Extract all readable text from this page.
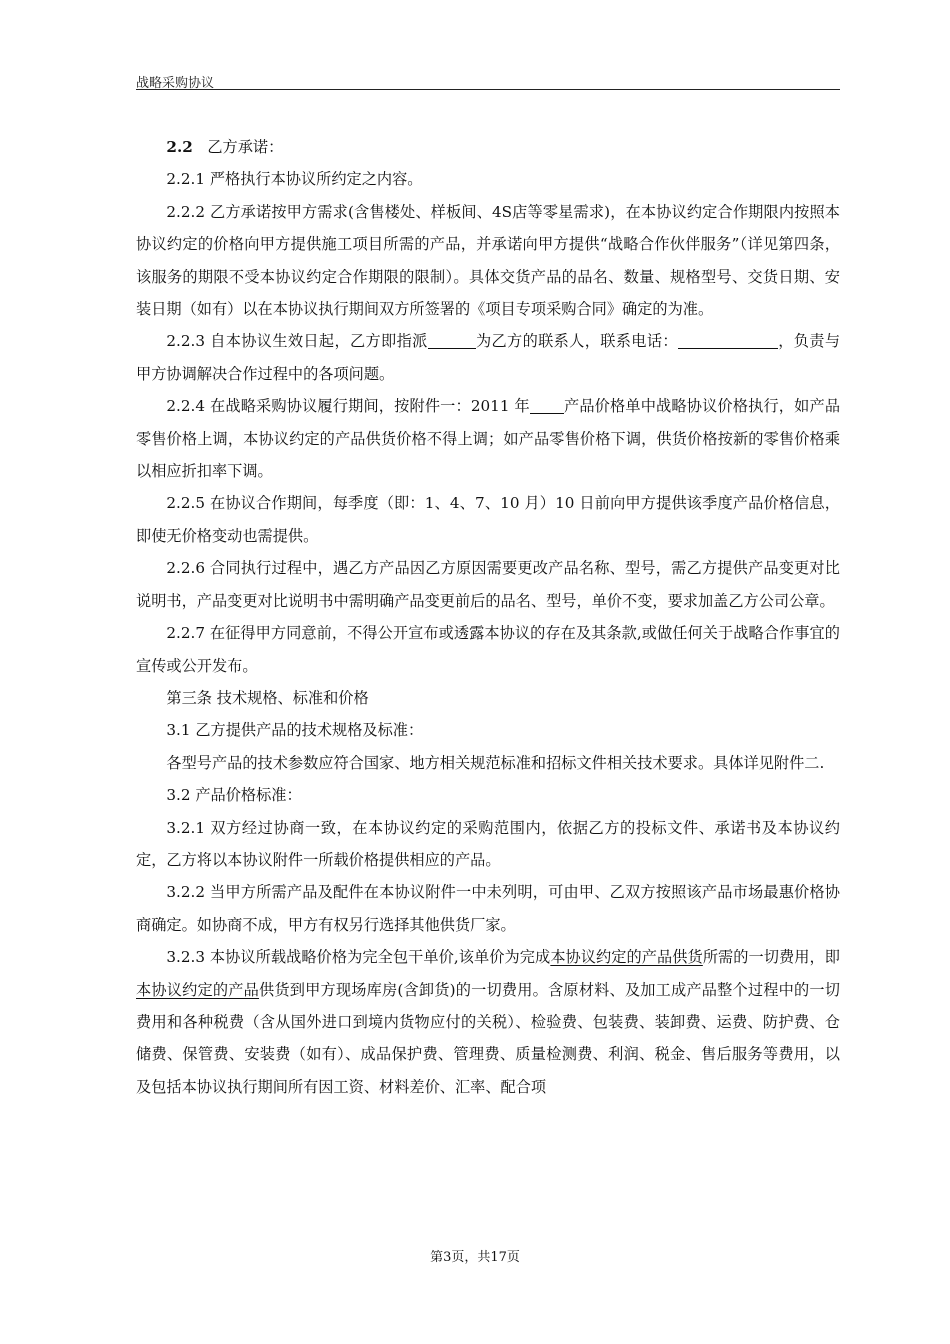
战略采购协议

2.2 乙方承诺：

2.2.1 严格执行本协议所约定之内容。

2.2.2 乙方承诺按甲方需求(含售楼处、样板间、4S店等零星需求)，在本协议约定合作期限内按照本协议约定的价格向甲方提供施工项目所需的产品，并承诺向甲方提供“战略合作伙伴服务”（详见第四条，该服务的期限不受本协议约定合作期限的限制）。具体交货产品的品名、数量、规格型号、交货日期、安装日期（如有）以在本协议执行期间双方所签署的《项目专项采购合同》确定的为准。

2.2.3 自本协议生效日起，乙方即指派	为乙方的联系人，联系电话：	，负责与甲方协调解决合作过程中的各项问题。

2.2.4 在战略采购协议履行期间，按附件一：2011 年 产品价格单中战略协议价格执行，如产品零售价格上调，本协议约定的产品供货价格不得上调；如产品零售价格下调，供货价格按新的零售价格乘以相应折扣率下调。

2.2.5 在协议合作期间，每季度（即：1、4、7、10 月）10 日前向甲方提供该季度产品价格信息，即使无价格变动也需提供。

2.2.6 合同执行过程中，遇乙方产品因乙方原因需要更改产品名称、型号，需乙方提供产品变更对比说明书，产品变更对比说明书中需明确产品变更前后的品名、型号，单价不变，要求加盖乙方公司公章。

2.2.7 在征得甲方同意前，不得公开宣布或透露本协议的存在及其条款,或做任何关于战略合作事宜的宣传或公开发布。

第三条 技术规格、标准和价格

3.1 乙方提供产品的技术规格及标准：

各型号产品的技术参数应符合国家、地方相关规范标准和招标文件相关技术要求。具体详见附件二.

3.2 产品价格标准：

3.2.1 双方经过协商一致，在本协议约定的采购范围内，依据乙方的投标文件、承诺书及本协议约定，乙方将以本协议附件一所载价格提供相应的产品。

3.2.2 当甲方所需产品及配件在本协议附件一中未列明，可由甲、乙双方按照该产品市场最惠价格协商确定。如协商不成，甲方有权另行选择其他供货厂家。

3.2.3 本协议所载战略价格为完全包干单价,该单价为完成本协议约定的产品供货所需的一切费用，即本协议约定的产品供货到甲方现场库房(含卸货)的一切费用。含原材料、及加工成产品整个过程中的一切费用和各种税费（含从国外进口到境内货物应付的关税）、检验费、包装费、装卸费、运费、防护费、仓储费、保管费、安装费（如有）、成品保护费、管理费、质量检测费、利润、税金、售后服务等费用，以及包括本协议执行期间所有因工资、材料差价、汇率、配合项

第3页，共17页
